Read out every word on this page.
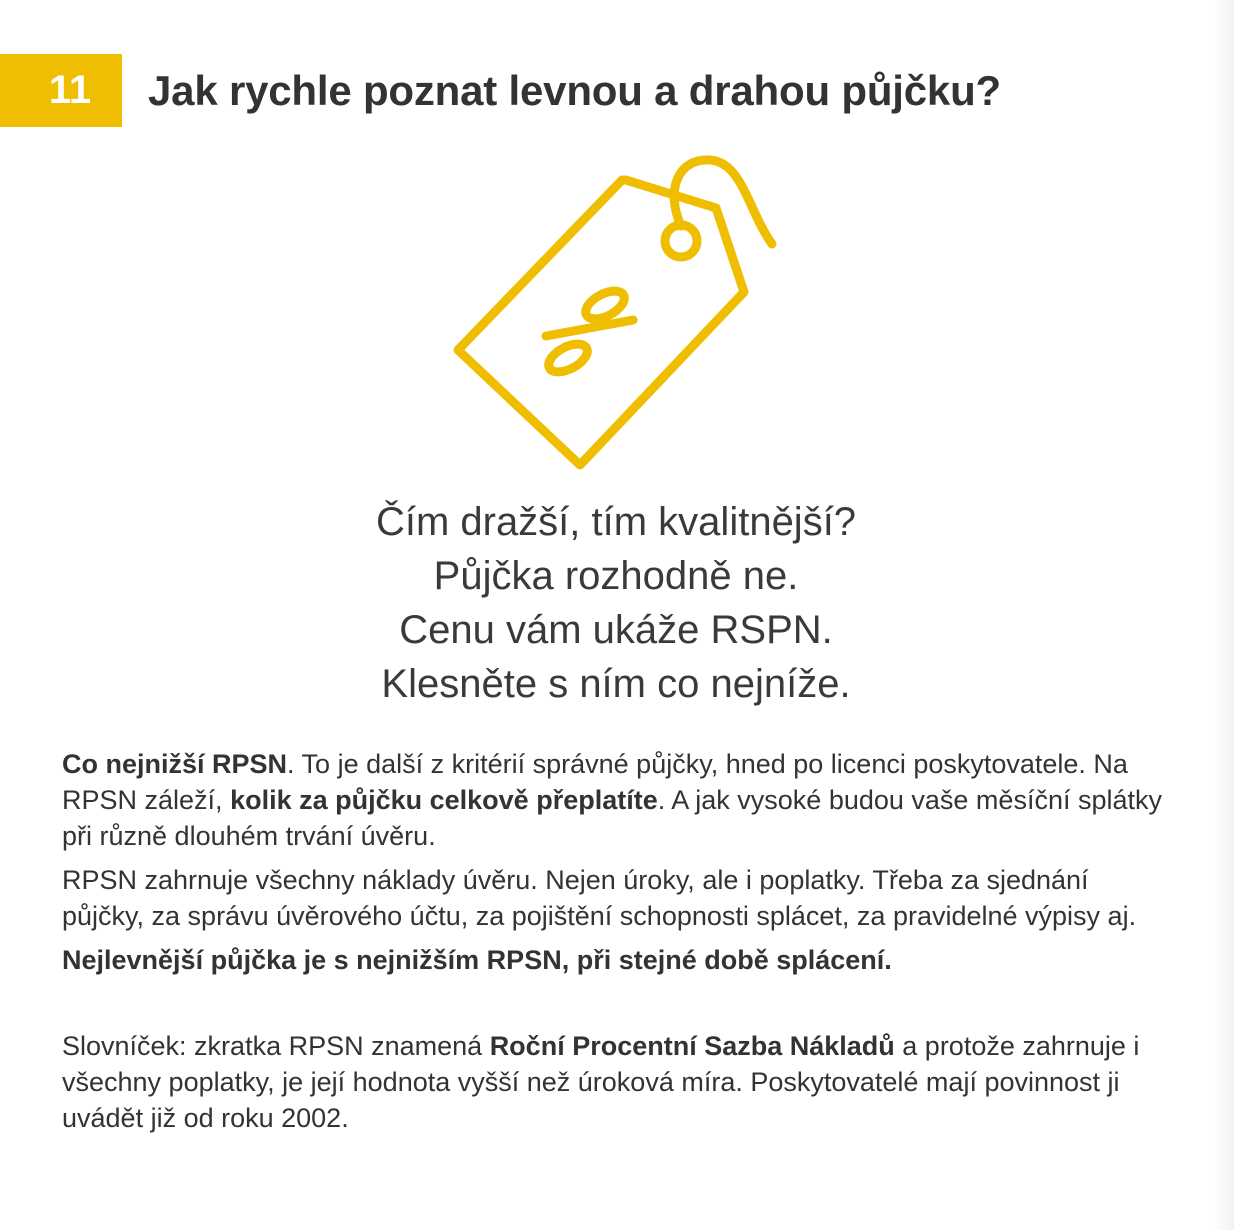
11	Jak rychle poznat levnou a drahou půjčku?
Čím dražší, tím kvalitnější?
Půjčka rozhodně ne.
Cenu vám ukáže RSPN.
Klesněte s ním co nejníže.

Co nejnižší RPSN. To je další z kritérií správné půjčky, hned po licenci poskytovatele. Na RPSN záleží, kolik za půjčku celkově přeplatíte. A jak vysoké budou vaše měsíční splátky při různě dlouhém trvání úvěru.

RPSN zahrnuje všechny náklady úvěru. Nejen úroky, ale i poplatky. Třeba za sjednání půjčky, za správu úvěrového účtu, za pojištění schopnosti splácet, za pravidelné výpisy aj.

Nejlevnější půjčka je s nejnižším RPSN, při stejné době splácení.

Slovníček: zkratka RPSN znamená Roční Procentní Sazba Nákladů a protože zahrnuje i všechny poplatky, je její hodnota vyšší než úroková míra. Poskytovatelé mají povinnost ji uvádět již od roku 2002.
